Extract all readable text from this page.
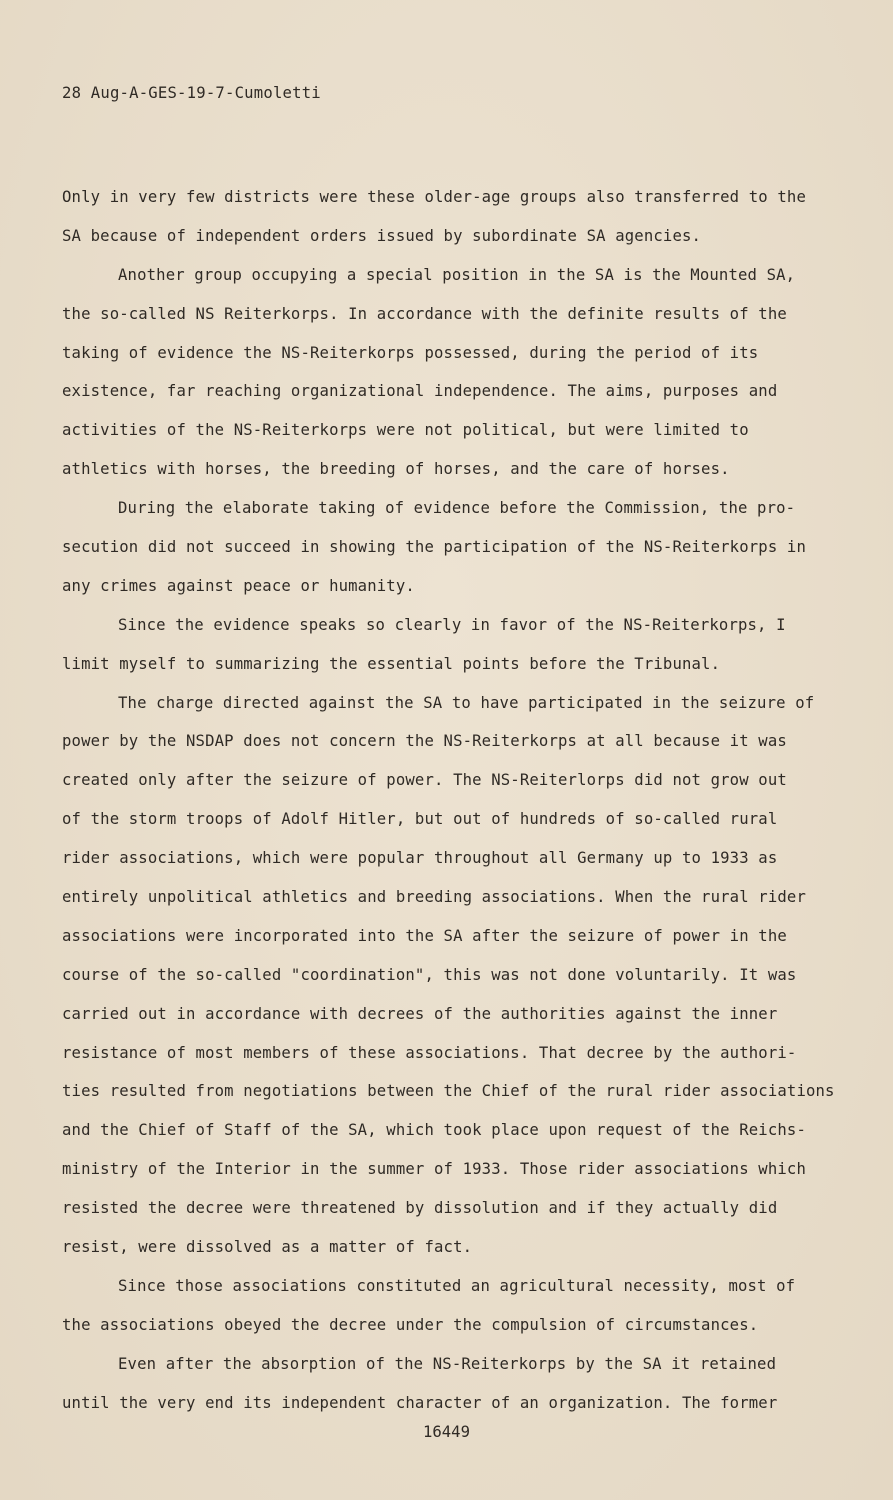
28 Aug-A-GES-19-7-Cumoletti
Only in very few districts were these older-age groups also transferred to the
SA because of independent orders issued by subordinate SA agencies.
Another group occupying a special position in the SA is the Mounted SA,
the so-called NS Reiterkorps. In accordance with the definite results of the
taking of evidence the NS-Reiterkorps possessed, during the period of its
existence, far reaching organizational independence. The aims, purposes and
activities of the NS-Reiterkorps were not political, but were limited to
athletics with horses, the breeding of horses, and the care of horses.
During the elaborate taking of evidence before the Commission, the pro-
secution did not succeed in showing the participation of the NS-Reiterkorps in
any crimes against peace or humanity.
Since the evidence speaks so clearly in favor of the NS-Reiterkorps, I
limit myself to summarizing the essential points before the Tribunal.
The charge directed against the SA to have participated in the seizure of
power by the NSDAP does not concern the NS-Reiterkorps at all because it was
created only after the seizure of power. The NS-Reiterlorps did not grow out
of the storm troops of Adolf Hitler, but out of hundreds of so-called rural
rider associations, which were popular throughout all Germany up to 1933 as
entirely unpolitical athletics and breeding associations. When the rural rider
associations were incorporated into the SA after the seizure of power in the
course of the so-called "coordination", this was not done voluntarily. It was
carried out in accordance with decrees of the authorities against the inner
resistance of most members of these associations. That decree by the authori-
ties resulted from negotiations between the Chief of the rural rider associations
and the Chief of Staff of the SA, which took place upon request of the Reichs-
ministry of the Interior in the summer of 1933. Those rider associations which
resisted the decree were threatened by dissolution and if they actually did
resist, were dissolved as a matter of fact.
Since those associations constituted an agricultural necessity, most of
the associations obeyed the decree under the compulsion of circumstances.
Even after the absorption of the NS-Reiterkorps by the SA it retained
until the very end its independent character of an organization. The former
16449
